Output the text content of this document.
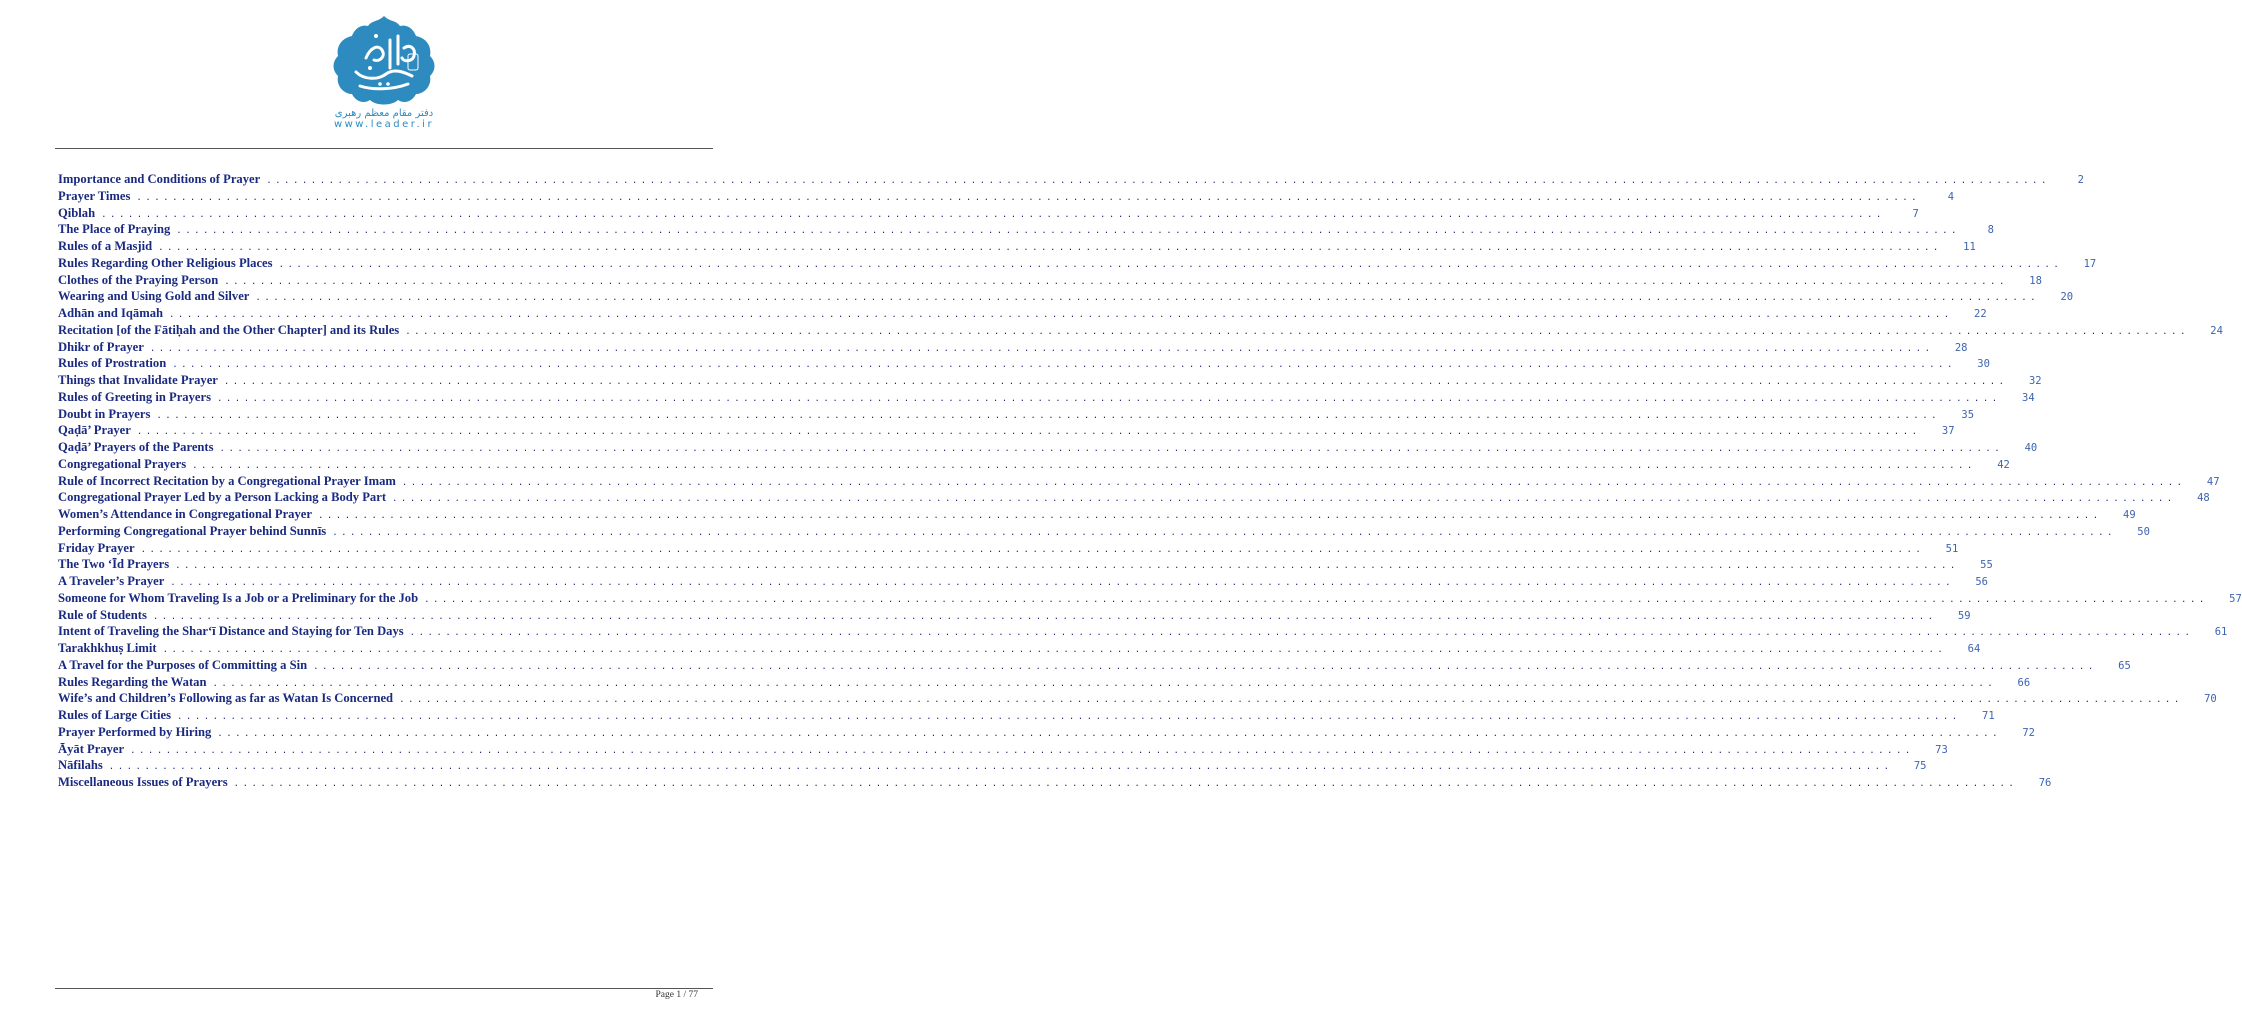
دفتر مقام معظم رهبری
www.leader.ir
Importance and Conditions of Prayer ........................................................................................................................................................................................................	2
Prayer Times ........................................................................................................................................................................................................	4
Qiblah ........................................................................................................................................................................................................	7
The Place of Praying ........................................................................................................................................................................................................	8
Rules of a Masjid ........................................................................................................................................................................................................	11
Rules Regarding Other Religious Places ........................................................................................................................................................................................................	17
Clothes of the Praying Person ........................................................................................................................................................................................................	18
Wearing and Using Gold and Silver ........................................................................................................................................................................................................	20
Adhān and Iqāmah ........................................................................................................................................................................................................	22
Recitation [of the Fātiḥah and the Other Chapter] and its Rules ........................................................................................................................................................................................................	24
Dhikr of Prayer ........................................................................................................................................................................................................	28
Rules of Prostration ........................................................................................................................................................................................................	30
Things that Invalidate Prayer ........................................................................................................................................................................................................	32
Rules of Greeting in Prayers ........................................................................................................................................................................................................	34
Doubt in Prayers ........................................................................................................................................................................................................	35
Qaḍā’ Prayer ........................................................................................................................................................................................................	37
Qaḍā’ Prayers of the Parents ........................................................................................................................................................................................................	40
Congregational Prayers ........................................................................................................................................................................................................	42
Rule of Incorrect Recitation by a Congregational Prayer Imam ........................................................................................................................................................................................................	47
Congregational Prayer Led by a Person Lacking a Body Part ........................................................................................................................................................................................................	48
Women’s Attendance in Congregational Prayer ........................................................................................................................................................................................................	49
Performing Congregational Prayer behind Sunnīs ........................................................................................................................................................................................................	50
Friday Prayer ........................................................................................................................................................................................................	51
The Two ‘Īd Prayers ........................................................................................................................................................................................................	55
A Traveler’s Prayer ........................................................................................................................................................................................................	56
Someone for Whom Traveling Is a Job or a Preliminary for the Job ........................................................................................................................................................................................................	57
Rule of Students ........................................................................................................................................................................................................	59
Intent of Traveling the Shar‘ī Distance and Staying for Ten Days ........................................................................................................................................................................................................	61
Tarakhkhuṣ Limit ........................................................................................................................................................................................................	64
A Travel for the Purposes of Committing a Sin ........................................................................................................................................................................................................	65
Rules Regarding the Watan ........................................................................................................................................................................................................	66
Wife’s and Children’s Following as far as Watan Is Concerned ........................................................................................................................................................................................................	70
Rules of Large Cities ........................................................................................................................................................................................................	71
Prayer Performed by Hiring ........................................................................................................................................................................................................	72
Āyāt Prayer ........................................................................................................................................................................................................	73
Nāfilahs ........................................................................................................................................................................................................	75
Miscellaneous Issues of Prayers ........................................................................................................................................................................................................	76
Page 1 / 77
